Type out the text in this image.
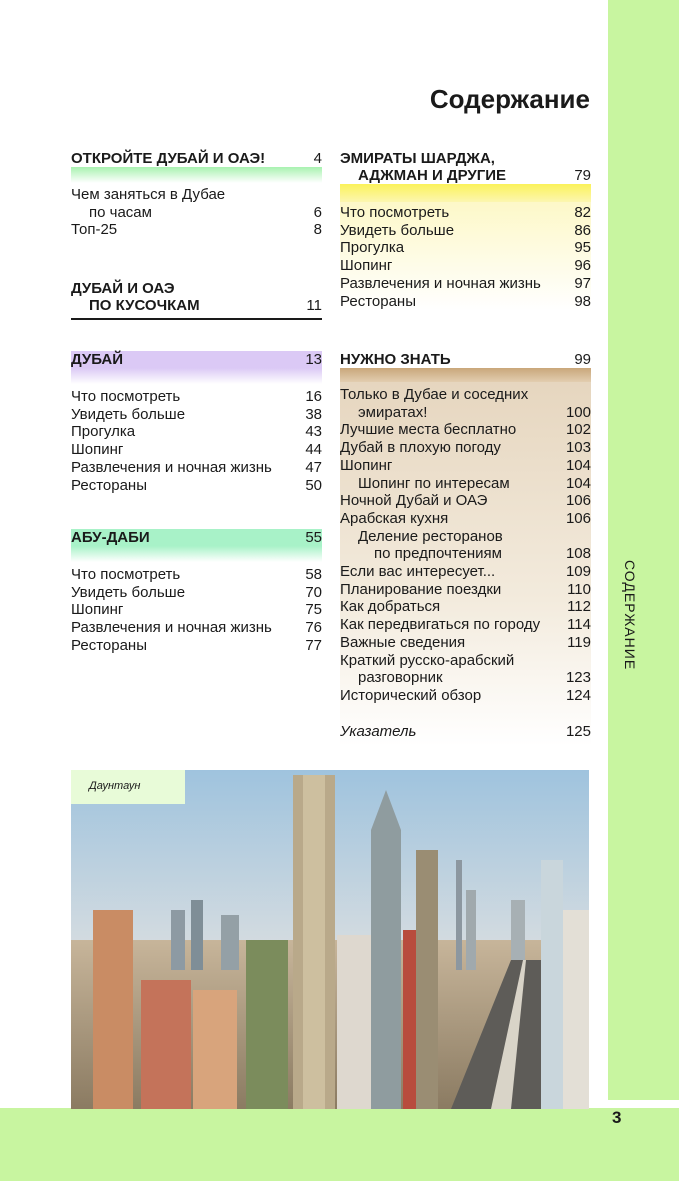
СОДЕРЖАНИЕ
3
Содержание
ОТКРОЙТЕ ДУБАЙ И ОАЭ!	4
Чем заняться в Дубае
по часам	6
Топ-25	8
ДУБАЙ И ОАЭ
ПО КУСОЧКАМ	11
ДУБАЙ	13
Что посмотреть	16
Увидеть больше	38
Прогулка	43
Шопинг	44
Развлечения и ночная жизнь 47
Рестораны	50
АБУ-ДАБИ	55
Что посмотреть	58
Увидеть больше	70
Шопинг	75
Развлечения и ночная жизнь 76
Рестораны	77
ЭМИРАТЫ ШАРДЖА,
АДЖМАН И ДРУГИЕ	79
Что посмотреть	82
Увидеть больше	86
Прогулка	95
Шопинг	96
Развлечения и ночная жизнь 97
Рестораны	98
НУЖНО ЗНАТЬ	99
Только в Дубае и соседних
эмиратах!	100
Лучшие места бесплатно	102
Дубай в плохую погоду	103
Шопинг	104
Шопинг по интересам	104
Ночной Дубай и ОАЭ	106
Арабская кухня	106
Деление ресторанов
по предпочтениям	108
Если вас интересует...	109
Планирование поездки	110
Как добраться	112
Как передвигаться по городу 114
Важные сведения	119
Краткий русско-арабский
разговорник	123
Исторический обзор	124
Указатель	125
Даунтаун
